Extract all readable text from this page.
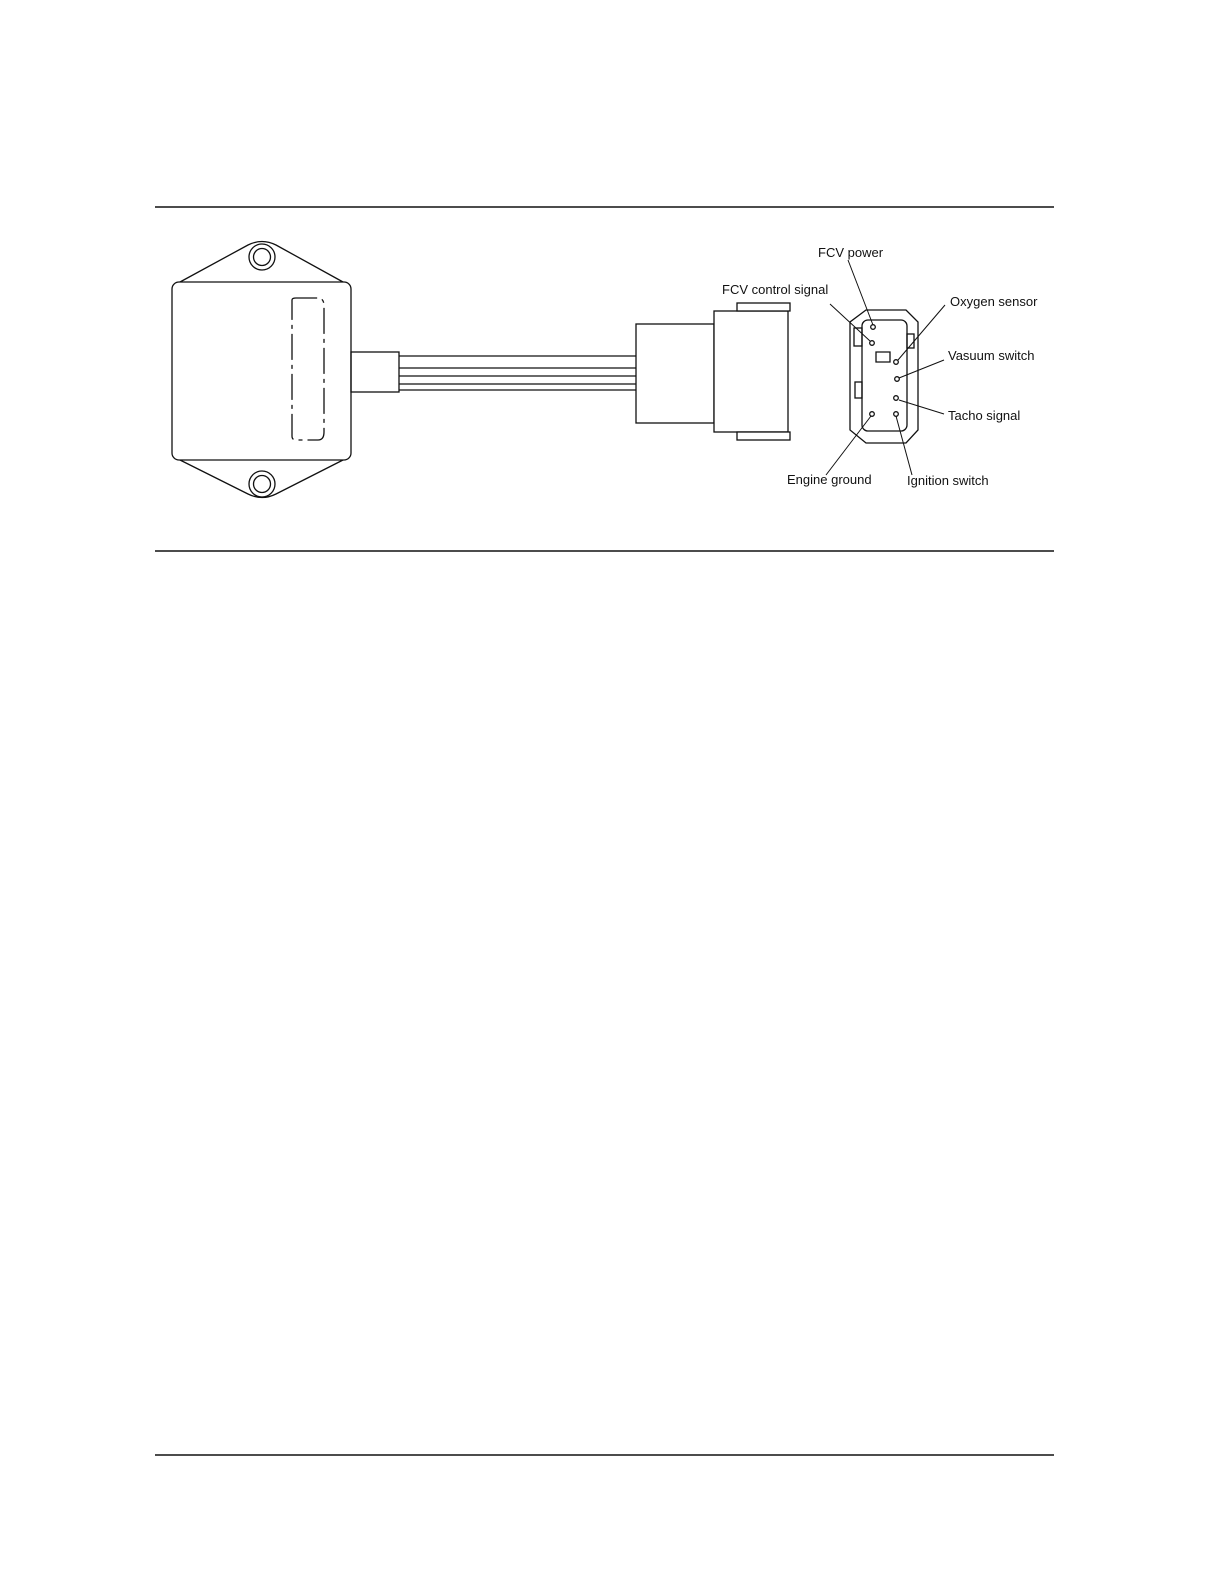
FCV power
FCV control signal
Oxygen sensor
Vasuum switch
Tacho signal
Engine ground	Ignition switch
